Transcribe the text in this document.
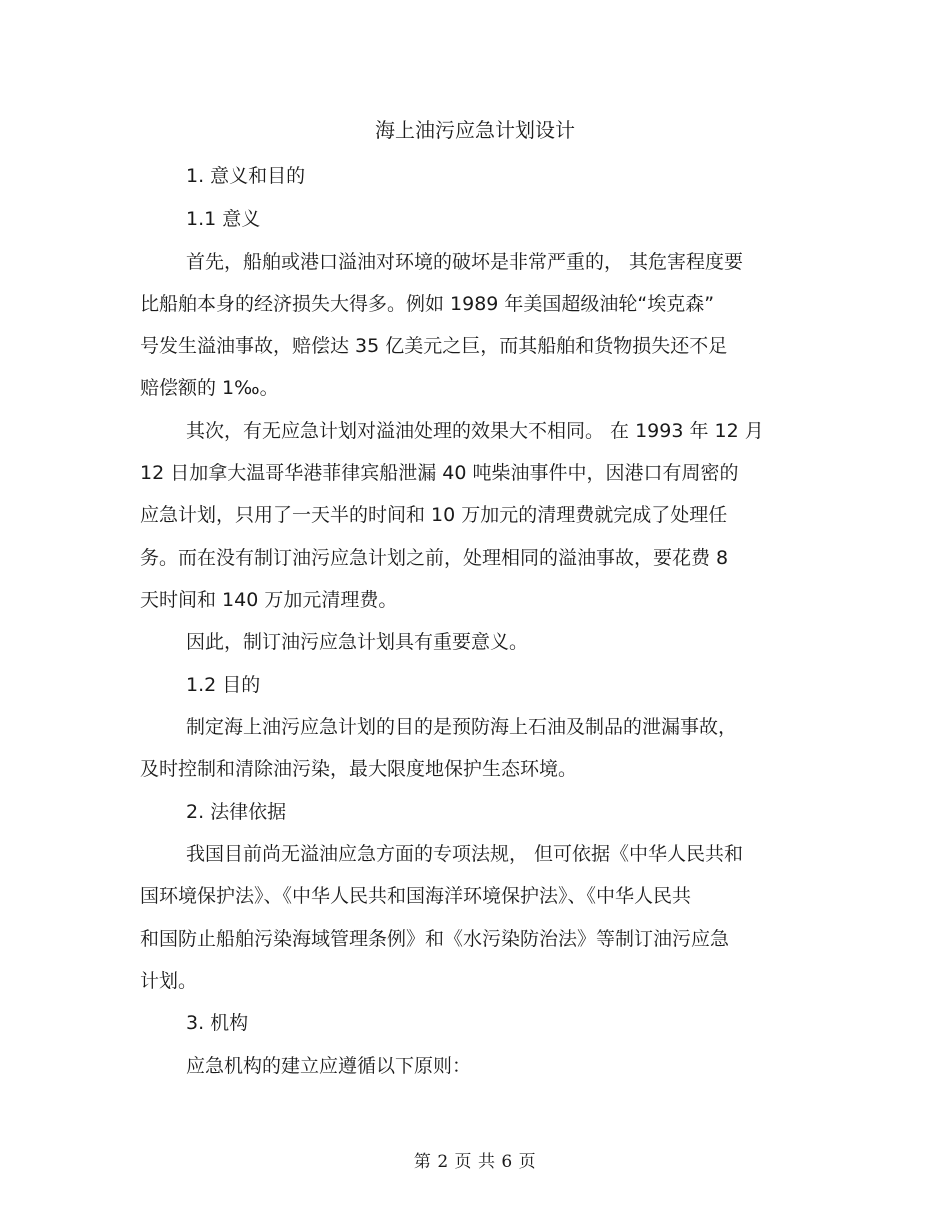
海上油污应急计划设计

1. 意义和目的

1.1 意义

首先，船舶或港口溢油对环境的破坏是非常严重的， 其危害程度要

比船舶本身的经济损失大得多。例如 1989 年美国超级油轮“埃克森”

号发生溢油事故，赔偿达 35 亿美元之巨，而其船舶和货物损失还不足

赔偿额的 1‰。

其次，有无应急计划对溢油处理的效果大不相同。 在 1993 年 12 月

12 日加拿大温哥华港菲律宾船泄漏 40 吨柴油事件中，因港口有周密的

应急计划，只用了一天半的时间和 10 万加元的清理费就完成了处理任

务。而在没有制订油污应急计划之前，处理相同的溢油事故，要花费 8

天时间和 140 万加元清理费。

因此，制订油污应急计划具有重要意义。

1.2 目的

制定海上油污应急计划的目的是预防海上石油及制品的泄漏事故，

及时控制和清除油污染，最大限度地保护生态环境。

2. 法律依据

我国目前尚无溢油应急方面的专项法规， 但可依据《中华人民共和

国环境保护法》、《中华人民共和国海洋环境保护法》、《中华人民共

和国防止船舶污染海域管理条例》和《水污染防治法》等制订油污应急

计划。

3. 机构

应急机构的建立应遵循以下原则：

第 2 页 共 6 页
